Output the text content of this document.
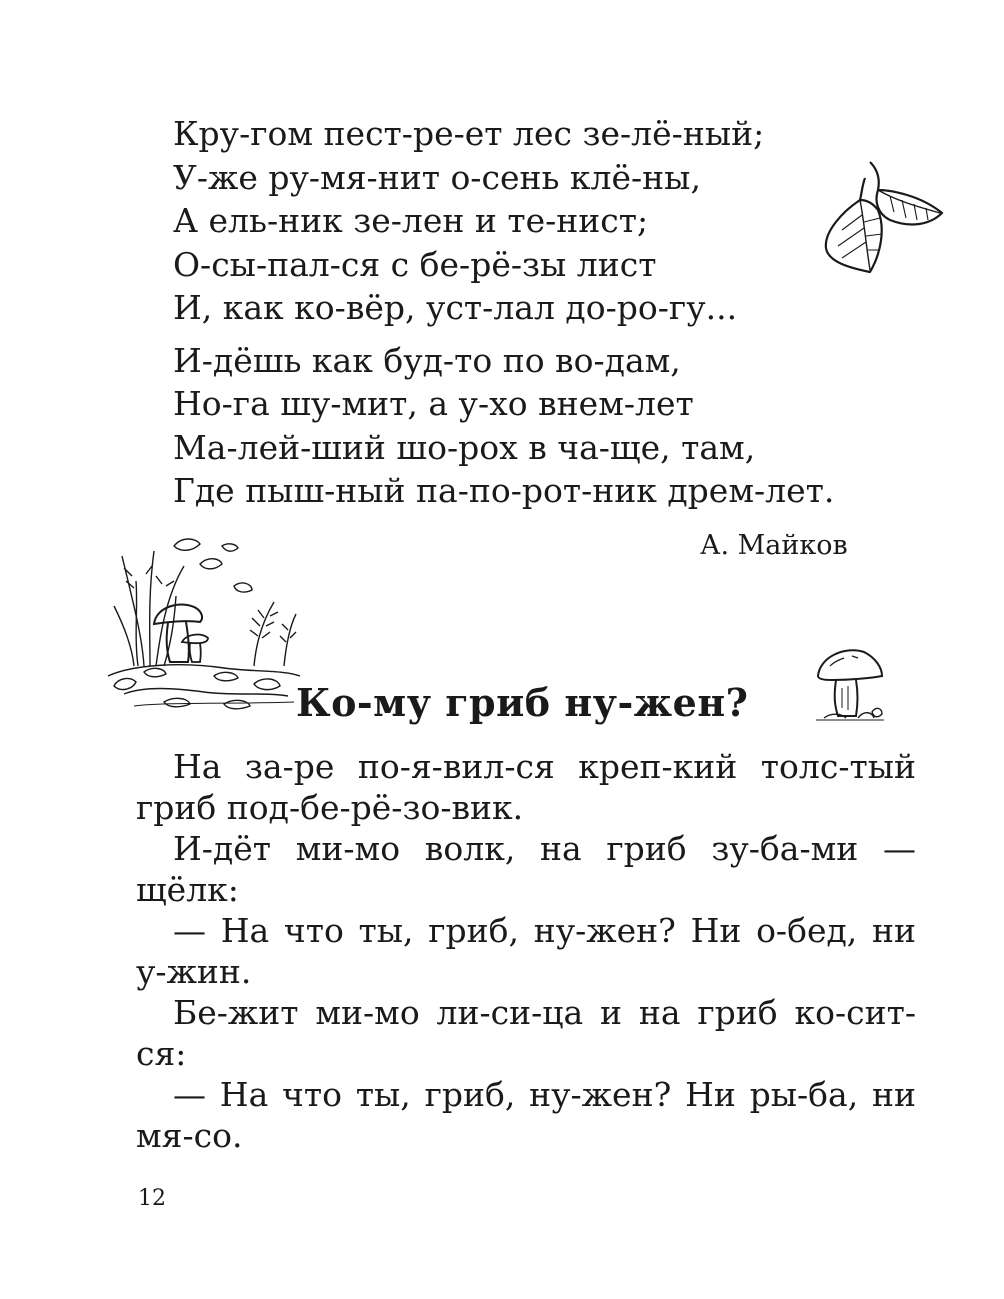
Кру-гом пест-ре-ет лес зе-лё-ный;
У-же ру-мя-нит о-сень клё-ны,
А ель-ник зе-лен и те-нист;
О-сы-пал-ся с бе-рё-зы лист
И, как ко-вёр, уст-лал до-ро-гу...
И-дёшь как буд-то по во-дам,
Но-га шу-мит, а у-хо внем-лет
Ма-лей-ший шо-рох в ча-ще, там,
Где пыш-ный па-по-рот-ник дрем-лет.
А. Майков
Ко-му гриб ну-жен?

На за-ре по-я-вил-ся креп-кий толс-тый гриб под-бе-рё-зо-вик.

И-дёт ми-мо волк, на гриб зу-ба-ми — щёлк:

— На что ты, гриб, ну-жен? Ни о-бед, ни у-жин.

Бе-жит ми-мо ли-си-ца и на гриб ко-сит-ся:

— На что ты, гриб, ну-жен? Ни ры-ба, ни мя-со.

12
